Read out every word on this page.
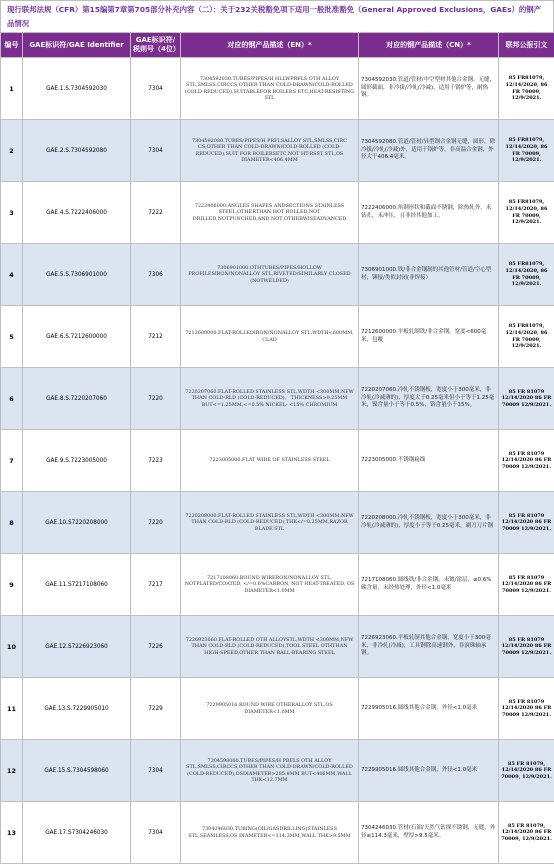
现行联邦法规（CFR）第15编第7章第705部分补充内容（二）：关于232关税豁免项下适用一般批准豁免（General Approved Exclusions，GAEs）的钢产品情况
编号	GAE标识符/GAE Identifier	GAE标识符/税则号（4位）	对应的钢产品描述（EN）*	对应的钢产品描述（CN）*	联邦公报引文
1	GAE.1.S.7304592030	7304	7304592030.TUBES/PIPES/H HLLWPRFLS OTH ALLOY STL,SMLSS,CIRCCS,OTHER THAN COLD-DRAWN/COLD-ROLLED (COLD-REDUCED),SUITABLEFOR BOILERS ETC,HEAT-RESISTING STL	7304592030.管道/管材/中空型材其他合金钢，无缝，圆形截面，非冷拔/冷轧(冷减)，适用于锅炉等，耐热钢。	85 FR81079, 12/14/2020, 86 FR 70009, 12/9/2021.
2	GAE.2.S.7304592080	7304	7304592080.TUBES/PIPES/H PRFLSALLOY STL,SMLSS,CIRC CS,OTHER THAN COLD-DRAWN/COLD-ROLLED (COLD-REDUCED),SUIT FOR BOILERSETC,NOT HT-RSST STL,OS DIAMETER<406.4MM	7304592080.管道/管材/异型钢合金钢无缝，圆形，除冷拔/冷轧(冷减)外，适用于锅炉等，非高温合金钢，外径大于406.4毫米。	85 FR81079, 12/14/2020, 86 FR 70009, 12/9/2021.
3	GAE.4.S.7222406000	7222	7222406000.ANGLES SHAPES ANDSECTIONS STAINLESS STEEL,OTHERTHAN HOT ROLLED,NOT DRILLED,NOTPUNCHED,AND NOT OTHERWISEADVANCED	7222406000.角钢形状和截面不锈钢，除热轧外，未钻孔，未冲压，且非经其他加工。	85 FR81079, 12/14/2020, 86 FR 70009, 12/9/2021.
4	GAE.5.S.7306901000	7306	7306901000.OTHTUBES/PIPES/HOLLOW PROFILESIRON/NONALLOY STL,RIVETED/SIMILARLY CLOSED (NOTWELDED)	7306901000.铁/非合金钢制的其他管材/管道/空心型材，铆接/类似封闭(非焊接）	85 FR81079, 12/14/2020, 86 FR 70009, 12/9/2021.
5	GAE.6.S.7212600000	7212	7212600000.FLAT-ROLLEDIRON/NONALLOY STL,WDTH<600MM, CLAD	7212600000.平板轧制铁/非合金钢，宽度<600毫米，包覆	85 FR81079, 12/14/2020, 86 FR 70009, 12/9/2021.
6	GAE.8.S.7220207060	7220	7220207060.FLAT-ROLLED STAINLESS STL,WDTH <300MM,NFW THAN COLD-RLD (COLD-REDUCED)， THICKNESS>0.25MM BUT<=1.25MM,<=0.5% NICKEL- <15% CHROMIUM	7220207060.冷轧不锈钢板，宽度小于300毫米，非冷轧(冷减薄的)，厚度大于0.25毫米但小于等于1.25毫米，镍含量小于等于0.5%，铬含量小于15%。	85 FR 81079 12/14/2020 86 FR 70009 12/9/2021.
7	GAE.9.S.7223005000	7223	7223005000.FLAT WIRE OF STAINLESS STEEL	7223005000.不锈钢扁线	85 FR 81079 12/14/2020 86 FR 70009 12/9/2021.
8	GAE.10.S7220208000	7220	7220208000.FLAT-ROLLED STAINLESS STL,WDTH <300MM,NFW THAN COLD-RLD (COLD-REDUCED),THK</=0.25MM,RAZOR BLADE STL	7220208000.冷轧不锈钢板，宽度小于300毫米，非冷轧(冷减薄的)，厚度小于等于0.25毫米，剃刀刀片钢	85 FR 81079 12/14/2020 86 FR 70009 12/9/2021.
9	GAE.11.S7217108060	7217	7217108060.ROUND WIRERON/NONALLOY STL, NOTPLATED/COATED, </=0.6%CARBON, NOT HEAT-TREATED, OS DIAMETER<1.0MM	7217108060.圆线铁/非合金钢，未镀/涂层，≤0.6%碳含量，未经热处理，外径<1.0毫米	85 FR 81079 12/14/2020 86 FR 70009 12/9/2021.
10	GAE.12.S7226923060	7226	7226923060.FLAT-ROLLED OTH ALLOYSTL,WDTH <300MM,NFW THAN COLD-RLD (COLD-REDUCED),TOOL STEEL OTHTHAN HIGH-SPEED,OTHER THAN BALL-BEARING STEEL	7226923060.平板轧制其他合金钢，宽度小于300毫米，非冷轧(冷减)，工具钢除高速钢外，非滚珠轴承钢。	85 FR 81079 12/14/2020 86 FR 70009 12/9/2021.
11	GAE.13.S.7229905010	7229	7229905016.ROUND WIRE OTHERALLOY STL,OS DIAMETER<1.0MM	7229905016.圆线其他合金钢，外径<1.0毫米	85 FR 81079 12/14/2020 86 FR 70009 12/9/2021.
12	GAE.15.S.7304598060	7304	7304598060.TUBES/PIPES/H PRFLS OTH ALLOY STL,SMLSS,CIRCCS,OTHER THAN COLD-DRAWN/COLD-ROLLED (COLD-REDUCED),OSDIAMETER>285.8MM BUT<406MM,WALL THK<12.7MM	7229905016.圆线其他合金钢，外径<1.0毫米	85 FR 81079, 12/14/2020 86 FR 70009, 12/9/2021.
13	GAE.17.S7304246030	7304	7304246030.TUBING(OIL/GASDRILLING)STAINLESS STL,SEAMLESS,OS DIAMETER<=114.3MM,WALL THK>9.5MM	7304246030.管材(石油/天然气钻探不锈钢，无缝，外径≤114.3毫米，壁厚>9.5毫米。	85 FR 81079, 12/14/2020 86 FR 70009, 12/9/2021.
